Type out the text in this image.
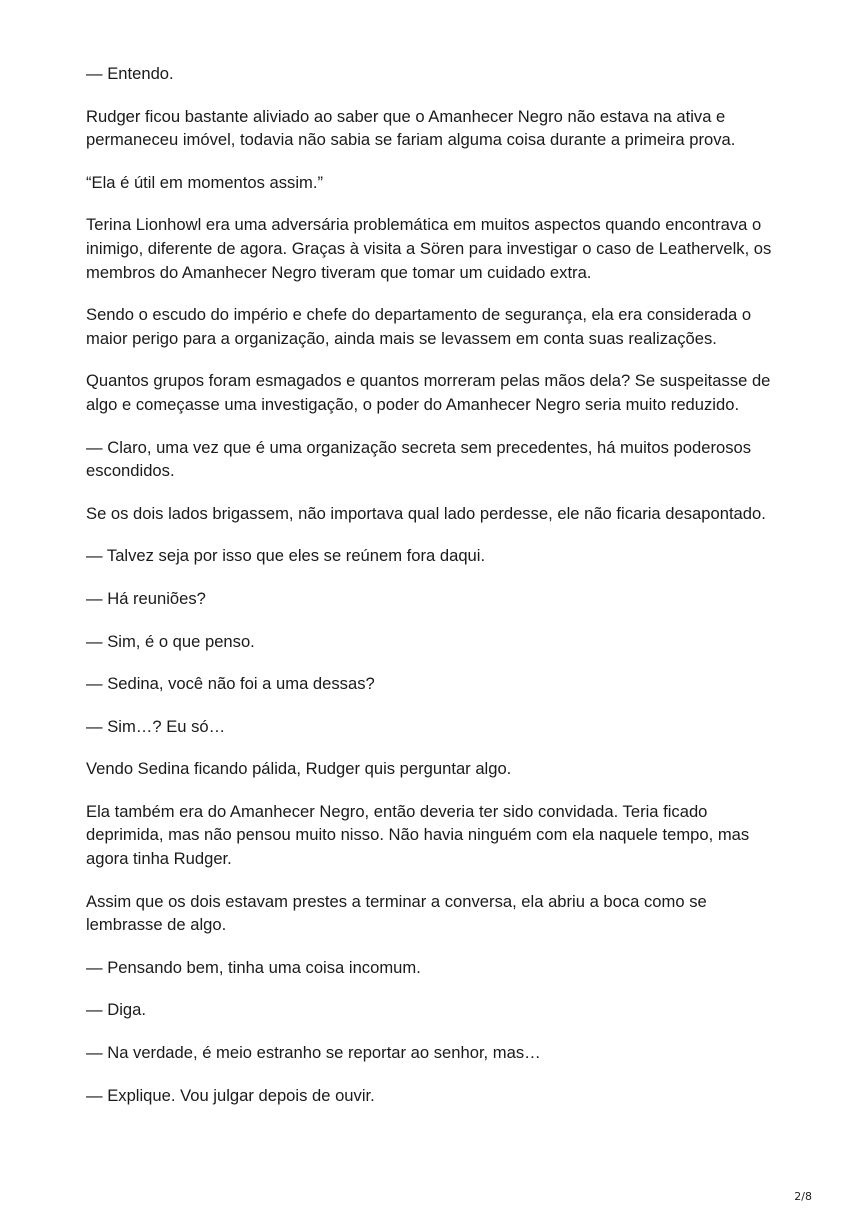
— Entendo.

Rudger ficou bastante aliviado ao saber que o Amanhecer Negro não estava na ativa e permaneceu imóvel, todavia não sabia se fariam alguma coisa durante a primeira prova.

“Ela é útil em momentos assim.”

Terina Lionhowl era uma adversária problemática em muitos aspectos quando encontrava o inimigo, diferente de agora. Graças à visita a Sören para investigar o caso de Leathervelk, os membros do Amanhecer Negro tiveram que tomar um cuidado extra.

Sendo o escudo do império e chefe do departamento de segurança, ela era considerada o maior perigo para a organização, ainda mais se levassem em conta suas realizações.

Quantos grupos foram esmagados e quantos morreram pelas mãos dela? Se suspeitasse de algo e começasse uma investigação, o poder do Amanhecer Negro seria muito reduzido.

— Claro, uma vez que é uma organização secreta sem precedentes, há muitos poderosos escondidos.

Se os dois lados brigassem, não importava qual lado perdesse, ele não ficaria desapontado.

— Talvez seja por isso que eles se reúnem fora daqui.

— Há reuniões?

— Sim, é o que penso.

— Sedina, você não foi a uma dessas?

— Sim…? Eu só…

Vendo Sedina ficando pálida, Rudger quis perguntar algo.

Ela também era do Amanhecer Negro, então deveria ter sido convidada. Teria ficado deprimida, mas não pensou muito nisso. Não havia ninguém com ela naquele tempo, mas agora tinha Rudger.

Assim que os dois estavam prestes a terminar a conversa, ela abriu a boca como se lembrasse de algo.

— Pensando bem, tinha uma coisa incomum.

— Diga.

— Na verdade, é meio estranho se reportar ao senhor, mas…

— Explique. Vou julgar depois de ouvir.

2/8
